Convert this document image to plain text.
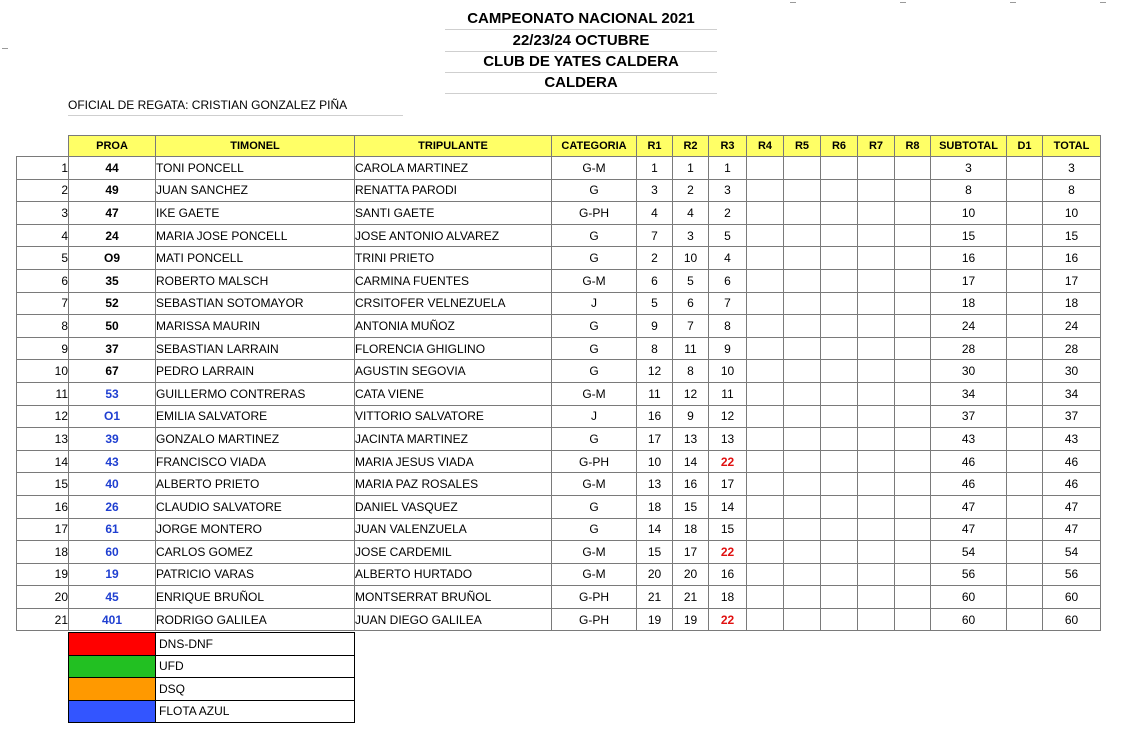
CAMPEONATO NACIONAL 2021
22/23/24 OCTUBRE
CLUB DE YATES CALDERA
CALDERA
OFICIAL DE REGATA: CRISTIAN GONZALEZ PIÑA
	PROA	TIMONEL	TRIPULANTE	CATEGORIA	R1	R2	R3	R4	R5	R6	R7	R8	SUBTOTAL	D1	TOTAL
1	44	TONI PONCELL	CAROLA MARTINEZ	G-M	1	1	1						3		3
2	49	JUAN SANCHEZ	RENATTA PARODI	G	3	2	3						8		8
3	47	IKE GAETE	SANTI GAETE	G-PH	4	4	2						10		10
4	24	MARIA JOSE PONCELL	JOSE ANTONIO ALVAREZ	G	7	3	5						15		15
5	O9	MATI PONCELL	TRINI PRIETO	G	2	10	4						16		16
6	35	ROBERTO MALSCH	CARMINA FUENTES	G-M	6	5	6						17		17
7	52	SEBASTIAN SOTOMAYOR	CRSITOFER VELNEZUELA	J	5	6	7						18		18
8	50	MARISSA MAURIN	ANTONIA MUÑOZ	G	9	7	8						24		24
9	37	SEBASTIAN LARRAIN	FLORENCIA GHIGLINO	G	8	11	9						28		28
10	67	PEDRO LARRAIN	AGUSTIN SEGOVIA	G	12	8	10						30		30
11	53	GUILLERMO CONTRERAS	CATA VIENE	G-M	11	12	11						34		34
12	O1	EMILIA SALVATORE	VITTORIO SALVATORE	J	16	9	12						37		37
13	39	GONZALO MARTINEZ	JACINTA MARTINEZ	G	17	13	13						43		43
14	43	FRANCISCO VIADA	MARIA JESUS VIADA	G-PH	10	14	22						46		46
15	40	ALBERTO PRIETO	MARIA PAZ ROSALES	G-M	13	16	17						46		46
16	26	CLAUDIO SALVATORE	DANIEL VASQUEZ	G	18	15	14						47		47
17	61	JORGE MONTERO	JUAN VALENZUELA	G	14	18	15						47		47
18	60	CARLOS GOMEZ	JOSE CARDEMIL	G-M	15	17	22						54		54
19	19	PATRICIO VARAS	ALBERTO HURTADO	G-M	20	20	16						56		56
20	45	ENRIQUE BRUÑOL	MONTSERRAT BRUÑOL	G-PH	21	21	18						60		60
21	401	RODRIGO GALILEA	JUAN DIEGO GALILEA	G-PH	19	19	22						60		60
	DNS-DNF
	UFD
	DSQ
	FLOTA AZUL
